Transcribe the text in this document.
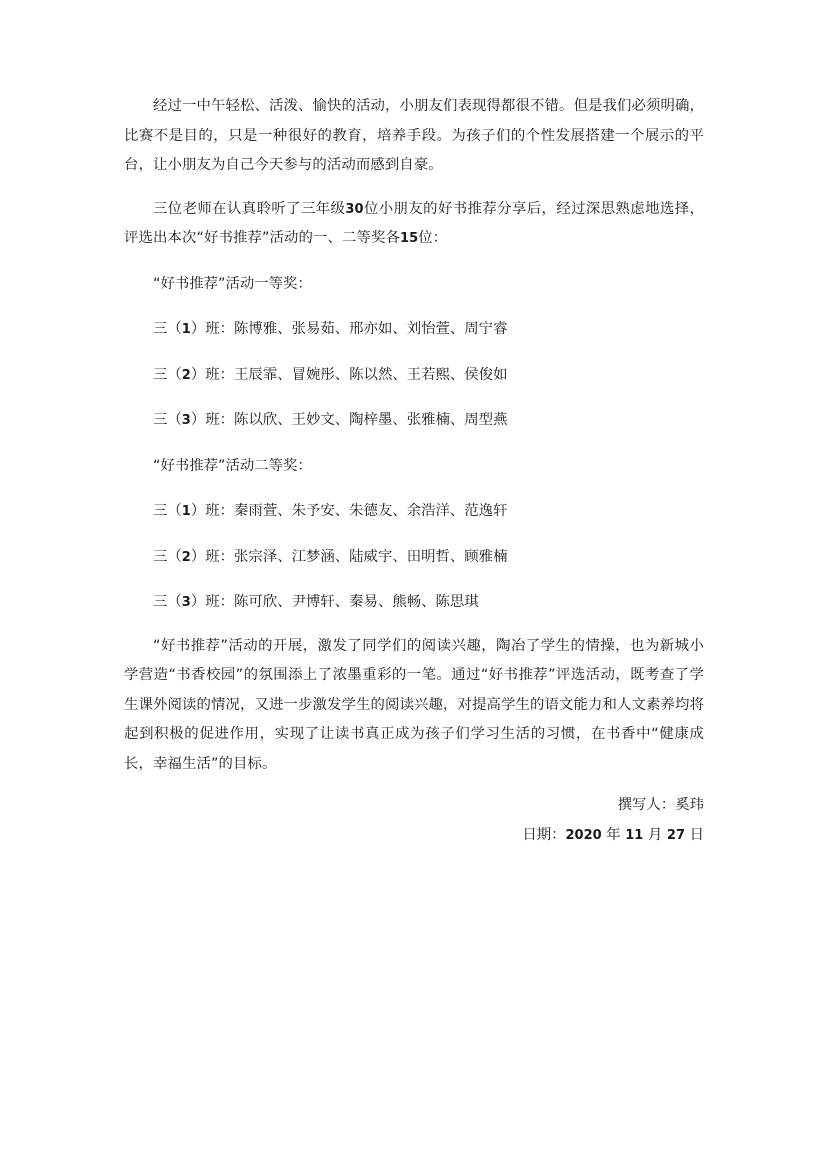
经过一中午轻松、活泼、愉快的活动，小朋友们表现得都很不错。但是我们必须明确，比赛不是目的，只是一种很好的教育，培养手段。为孩子们的个性发展搭建一个展示的平台，让小朋友为自己今天参与的活动而感到自豪。

三位老师在认真聆听了三年级30位小朋友的好书推荐分享后，经过深思熟虑地选择，评选出本次“好书推荐”活动的一、二等奖各15位：

“好书推荐”活动一等奖：

三（1）班：陈博雅、张易茹、邢亦如、刘怡萱、周宁睿

三（2）班：王辰霏、冒婉彤、陈以然、王若熙、侯俊如

三（3）班：陈以欣、王妙文、陶梓墨、张雅楠、周型燕

“好书推荐”活动二等奖：

三（1）班：秦雨萱、朱予安、朱德友、余浩洋、范逸轩

三（2）班：张宗泽、江梦涵、陆威宇、田明哲、顾雅楠

三（3）班：陈可欣、尹博轩、秦易、熊畅、陈思琪

“好书推荐”活动的开展，激发了同学们的阅读兴趣，陶冶了学生的情操，也为新城小学营造“书香校园”的氛围添上了浓墨重彩的一笔。通过“好书推荐”评选活动，既考查了学生课外阅读的情况，又进一步激发学生的阅读兴趣，对提高学生的语文能力和人文素养均将起到积极的促进作用，实现了让读书真正成为孩子们学习生活的习惯，在书香中“健康成长，幸福生活”的目标。

撰写人：奚玮

日期：2020 年 11 月 27 日
